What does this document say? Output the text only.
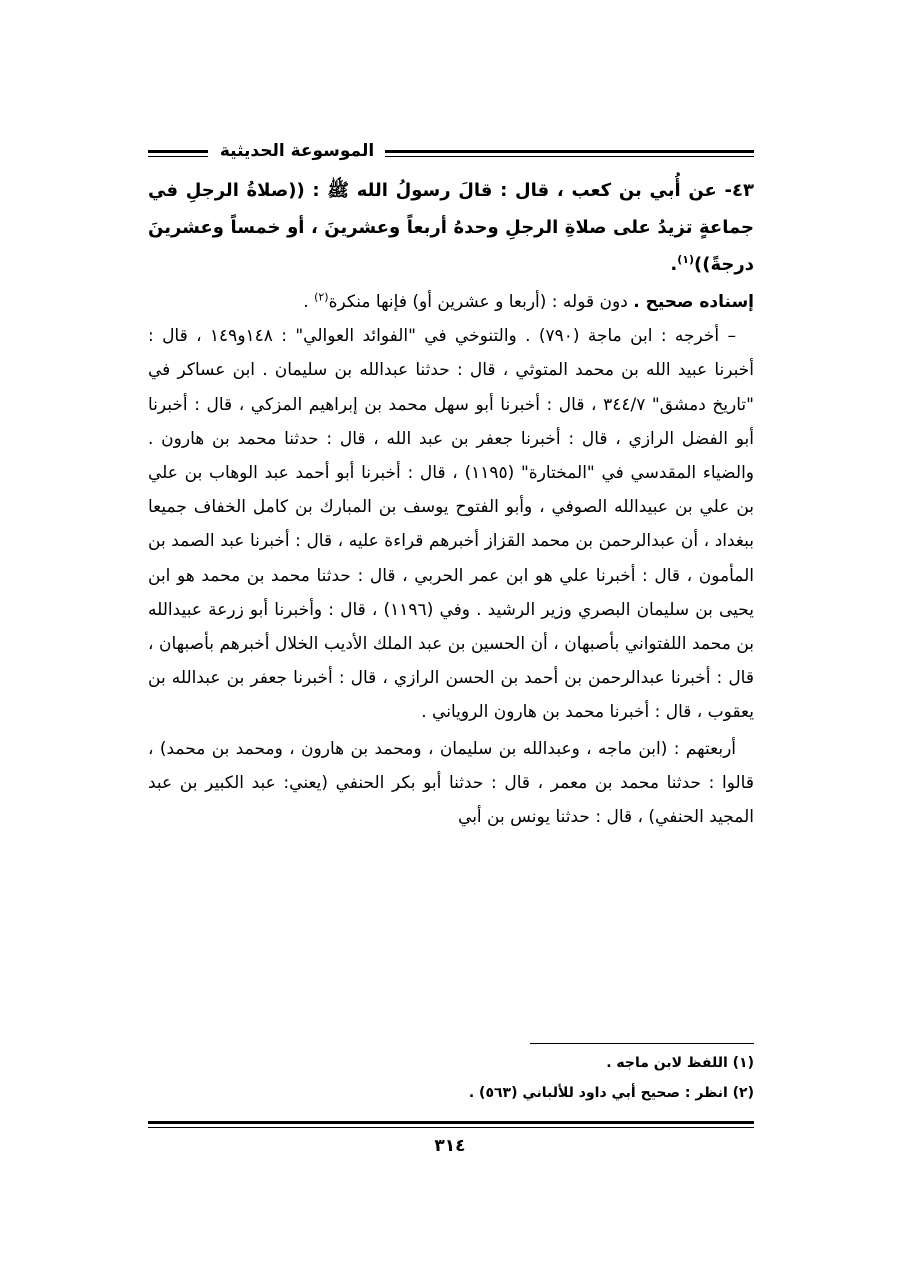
الموسوعة الحديثية

٤٣- عن أُبي بن كعب ، قال : قالَ رسولُ الله ﷺ : ((صلاةُ الرجلِ في جماعةٍ تزيدُ على صلاةِ الرجلِ وحدهُ أربعاً وعشرينَ ، أو خمساً وعشرينَ درجةً))$^{(١)}$.

إسناده صحيح . دون قوله : (أربعا و عشرين أو) فإنها منكرة$^{(٢)}$ .

– أخرجه : ابن ماجة (٧٩٠) . والتنوخي في "الفوائد العوالي" : ١٤٨و١٤٩ ، قال : أخبرنا عبيد الله بن محمد المتوثي ، قال : حدثنا عبدالله بن سليمان . ابن عساكر في "تاريخ دمشق" ٣٤٤/٧ ، قال : أخبرنا أبو سهل محمد بن إبراهيم المزكي ، قال : أخبرنا أبو الفضل الرازي ، قال : أخبرنا جعفر بن عبد الله ، قال : حدثنا محمد بن هارون . والضياء المقدسي في "المختارة" (١١٩٥) ، قال : أخبرنا أبو أحمد عبد الوهاب بن علي بن علي بن عبيدالله الصوفي ، وأبو الفتوح يوسف بن المبارك بن كامل الخفاف جميعا ببغداد ، أن عبدالرحمن بن محمد القزاز أخبرهم قراءة عليه ، قال : أخبرنا عبد الصمد بن المأمون ، قال : أخبرنا علي هو ابن عمر الحربي ، قال : حدثنا محمد بن محمد هو ابن يحيى بن سليمان البصري وزير الرشيد . وفي (١١٩٦) ، قال : وأخبرنا أبو زرعة عبيدالله بن محمد اللفتواني بأصبهان ، أن الحسين بن عبد الملك الأديب الخلال أخبرهم بأصبهان ، قال : أخبرنا عبدالرحمن بن أحمد بن الحسن الرازي ، قال : أخبرنا جعفر بن عبدالله بن يعقوب ، قال : أخبرنا محمد بن هارون الروياني .

أربعتهم : (ابن ماجه ، وعبدالله بن سليمان ، ومحمد بن هارون ، ومحمد بن محمد) ، قالوا : حدثنا محمد بن معمر ، قال : حدثنا أبو بكر الحنفي (يعني: عبد الكبير بن عبد المجيد الحنفي) ، قال : حدثنا يونس بن أبي

(١) اللفظ لابن ماجه .

(٢) انظر : صحيح أبي داود للألباني (٥٦٣) .

٣١٤
